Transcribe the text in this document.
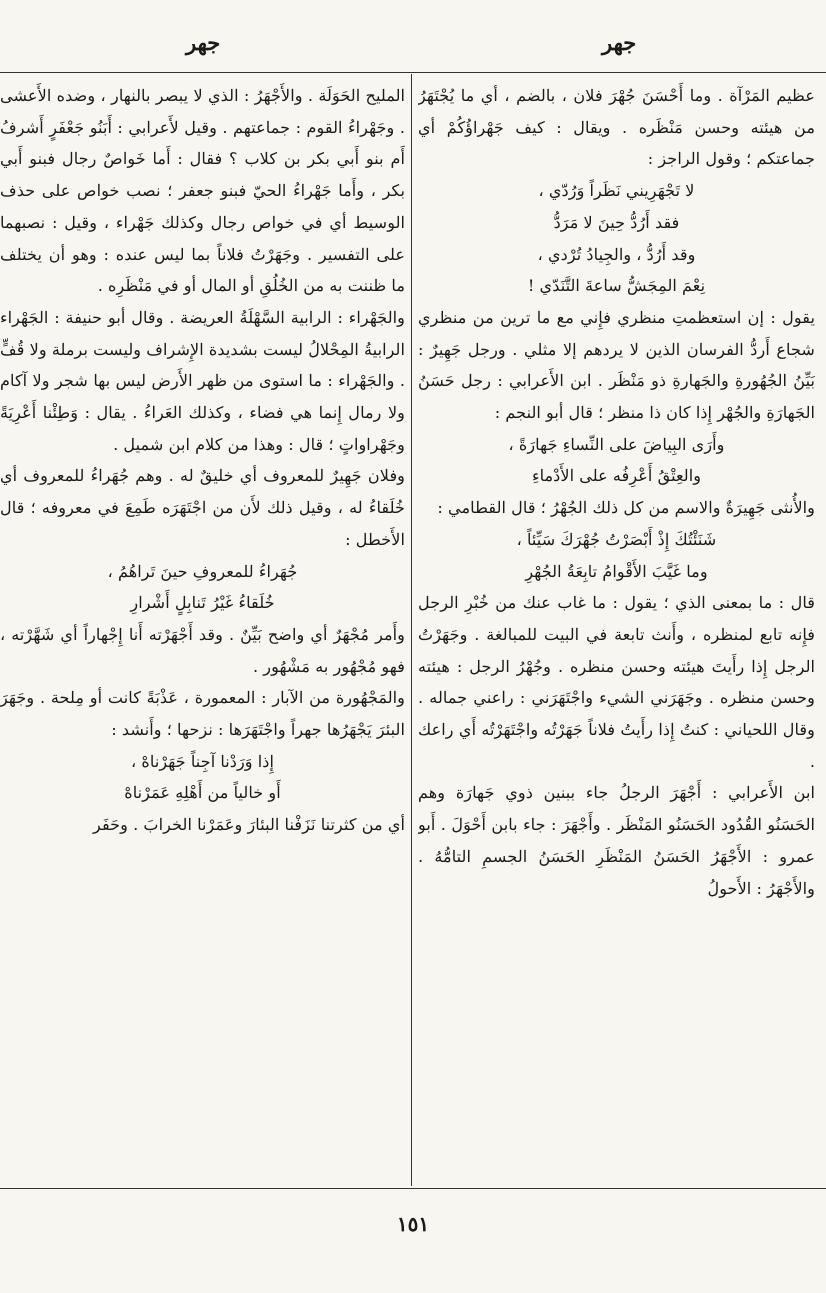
جهر
جهر
عظيم المَرْآة . وما أَحْسَنَ جُهْرَ فلان ، بالضم ، أي ما يُجْتَهَرُ من هيئته وحسن مَنْظَره . ويقال : كيف جَهْراؤُكُمْ أي جماعتكم ؛ وقول الراجز :
لا تَجْهَرِيني نَظَراً وَرُدّي ،
فقد أَرُدُّ حِينَ لا مَرَدُّ
وقد أَرُدُّ ، والجِيادُ تُرْدي ،
نِعْمَ المِجَشُّ ساعةَ التَّنَدّي !
يقول : إن استعظمتِ منظري فإِني مع ما ترين من منظري شجاع أَردُّ الفرسان الذين لا يردهم إلا مثلي . ورجل جَهِيرٌ : بَيِّنُ الجُهُورةِ والجَهارةِ ذو مَنْظَر . ابن الأَعرابي : رجل حَسَنُ الجَهارَةِ والجُهْر إِذا كان ذا منظر ؛ قال أبو النجم :
وأَرَى البِياضَ على النِّساءِ جَهارَةً ،
والعِتْقُ أَعْرِفُه على الأَدْماءِ
والأُنثى جَهِيرَةٌ والاسم من كل ذلك الجُهْرُ ؛ قال القطامي :
شَنَئْتُكَ إِذْ أَبْصَرْتُ جُهْرَكَ سَيِّئاً ،
وما غَيَّبَ الأَقْوامُ تابِعَةُ الجُهْرِ
قال : ما بمعنى الذي ؛ يقول : ما غاب عنك من خُبْرِ الرجل فإِنه تابع لمنظره ، وأَنث تابعة في البيت للمبالغة . وجَهَرْتُ الرجل إِذا رأَيتَ هيئته وحسن منظره . وجُهْرُ الرجل : هيئته وحسن منظره . وجَهَرَني الشيء واجْتَهَرَني : راعني جماله . وقال اللحياني : كنتُ إِذا رأَيتُ فلاناً جَهَرْتُه واجْتَهَرْتُه أَي راعك .
ابن الأَعرابي : أَجْهَرَ الرجلُ جاء ببنين ذوي جَهارَة وهم الحَسَنُو القُدُود الحَسَنُو المَنْظَر . وأَجْهَرَ : جاء بابن أَحْوَلَ . أَبو عمرو : الأَجْهَرُ الحَسَنُ المَنْظَرِ الحَسَنُ الجسمِ التامُّهُ . والأَجْهَرُ : الأَحولُ
المليح الحَوَلَة . والأَجْهَرُ : الذي لا يبصر بالنهار ، وضده الأَعشى . وجَهْراءُ القوم : جماعتهم . وقيل لأَعرابي : أَبَنُو جَعْفَرٍ أَشرفُ أَم بنو أَبي بكر بن كلاب ؟ فقال : أَما خَواصٌ رجال فبنو أَبي بكر ، وأَما جَهْراءُ الحيّ فبنو جعفر ؛ نصب خواص على حذف الوسيط أي في خواص رجال وكذلك جَهْراء ، وقيل : نصبهما على التفسير . وجَهَرْتُ فلاناً بما ليس عنده : وهو أن يختلف ما ظننت به من الخُلُقِ أو المال أو في مَنْظَرِه .
والجَهْراء : الرابية السَّهْلَةُ العريضة . وقال أبو حنيفة : الجَهْراء الرابيةُ المِحْلالُ ليست بشديدة الإِشراف وليست برملة ولا قُفٍّ . والجَهْراء : ما استوى من ظهر الأَرض ليس بها شجر ولا آكام ولا رمال إِنما هي فضاء ، وكذلك العَراءُ . يقال : وَطِئْنا أَعْرِيَةً وجَهْراواتٍ ؛ قال : وهذا من كلام ابن شميل .
وفلان جَهِيرٌ للمعروف أي خليقٌ له . وهم جُهَراءُ للمعروف أي خُلَقاءُ له ، وقيل ذلك لأَن من اجْتَهَرَه طَمِعَ في معروفه ؛ قال الأَخطل :
جُهَراءُ للمعروفِ حينَ تَراهُمُ ،
خُلَقاءُ غَيْرُ تَنابِلٍ أَشْرارِ
وأَمر مُجْهَرٌ أي واضح بَيِّنٌ . وقد أَجْهَرْته أَنا إِجْهاراً أي شَهَّرْته ، فهو مُجْهُور به مَشْهُور .
والمَجْهُورة من الآبار : المعمورة ، عَذْبَةً كانت أو مِلحة . وجَهَرَ البئرَ يَجْهَرُها جهراً واجْتَهَرَها : نزحها ؛ وأَنشد :
إِذا وَرَدْنا آجِناً جَهَرْناهْ ،
أَو خالياً من أَهْلِهِ عَمَرْناهْ
أي من كثرتنا نَزَفْنا البئارَ وعَمَرْنا الخرابَ . وحَفَر
١٥١
